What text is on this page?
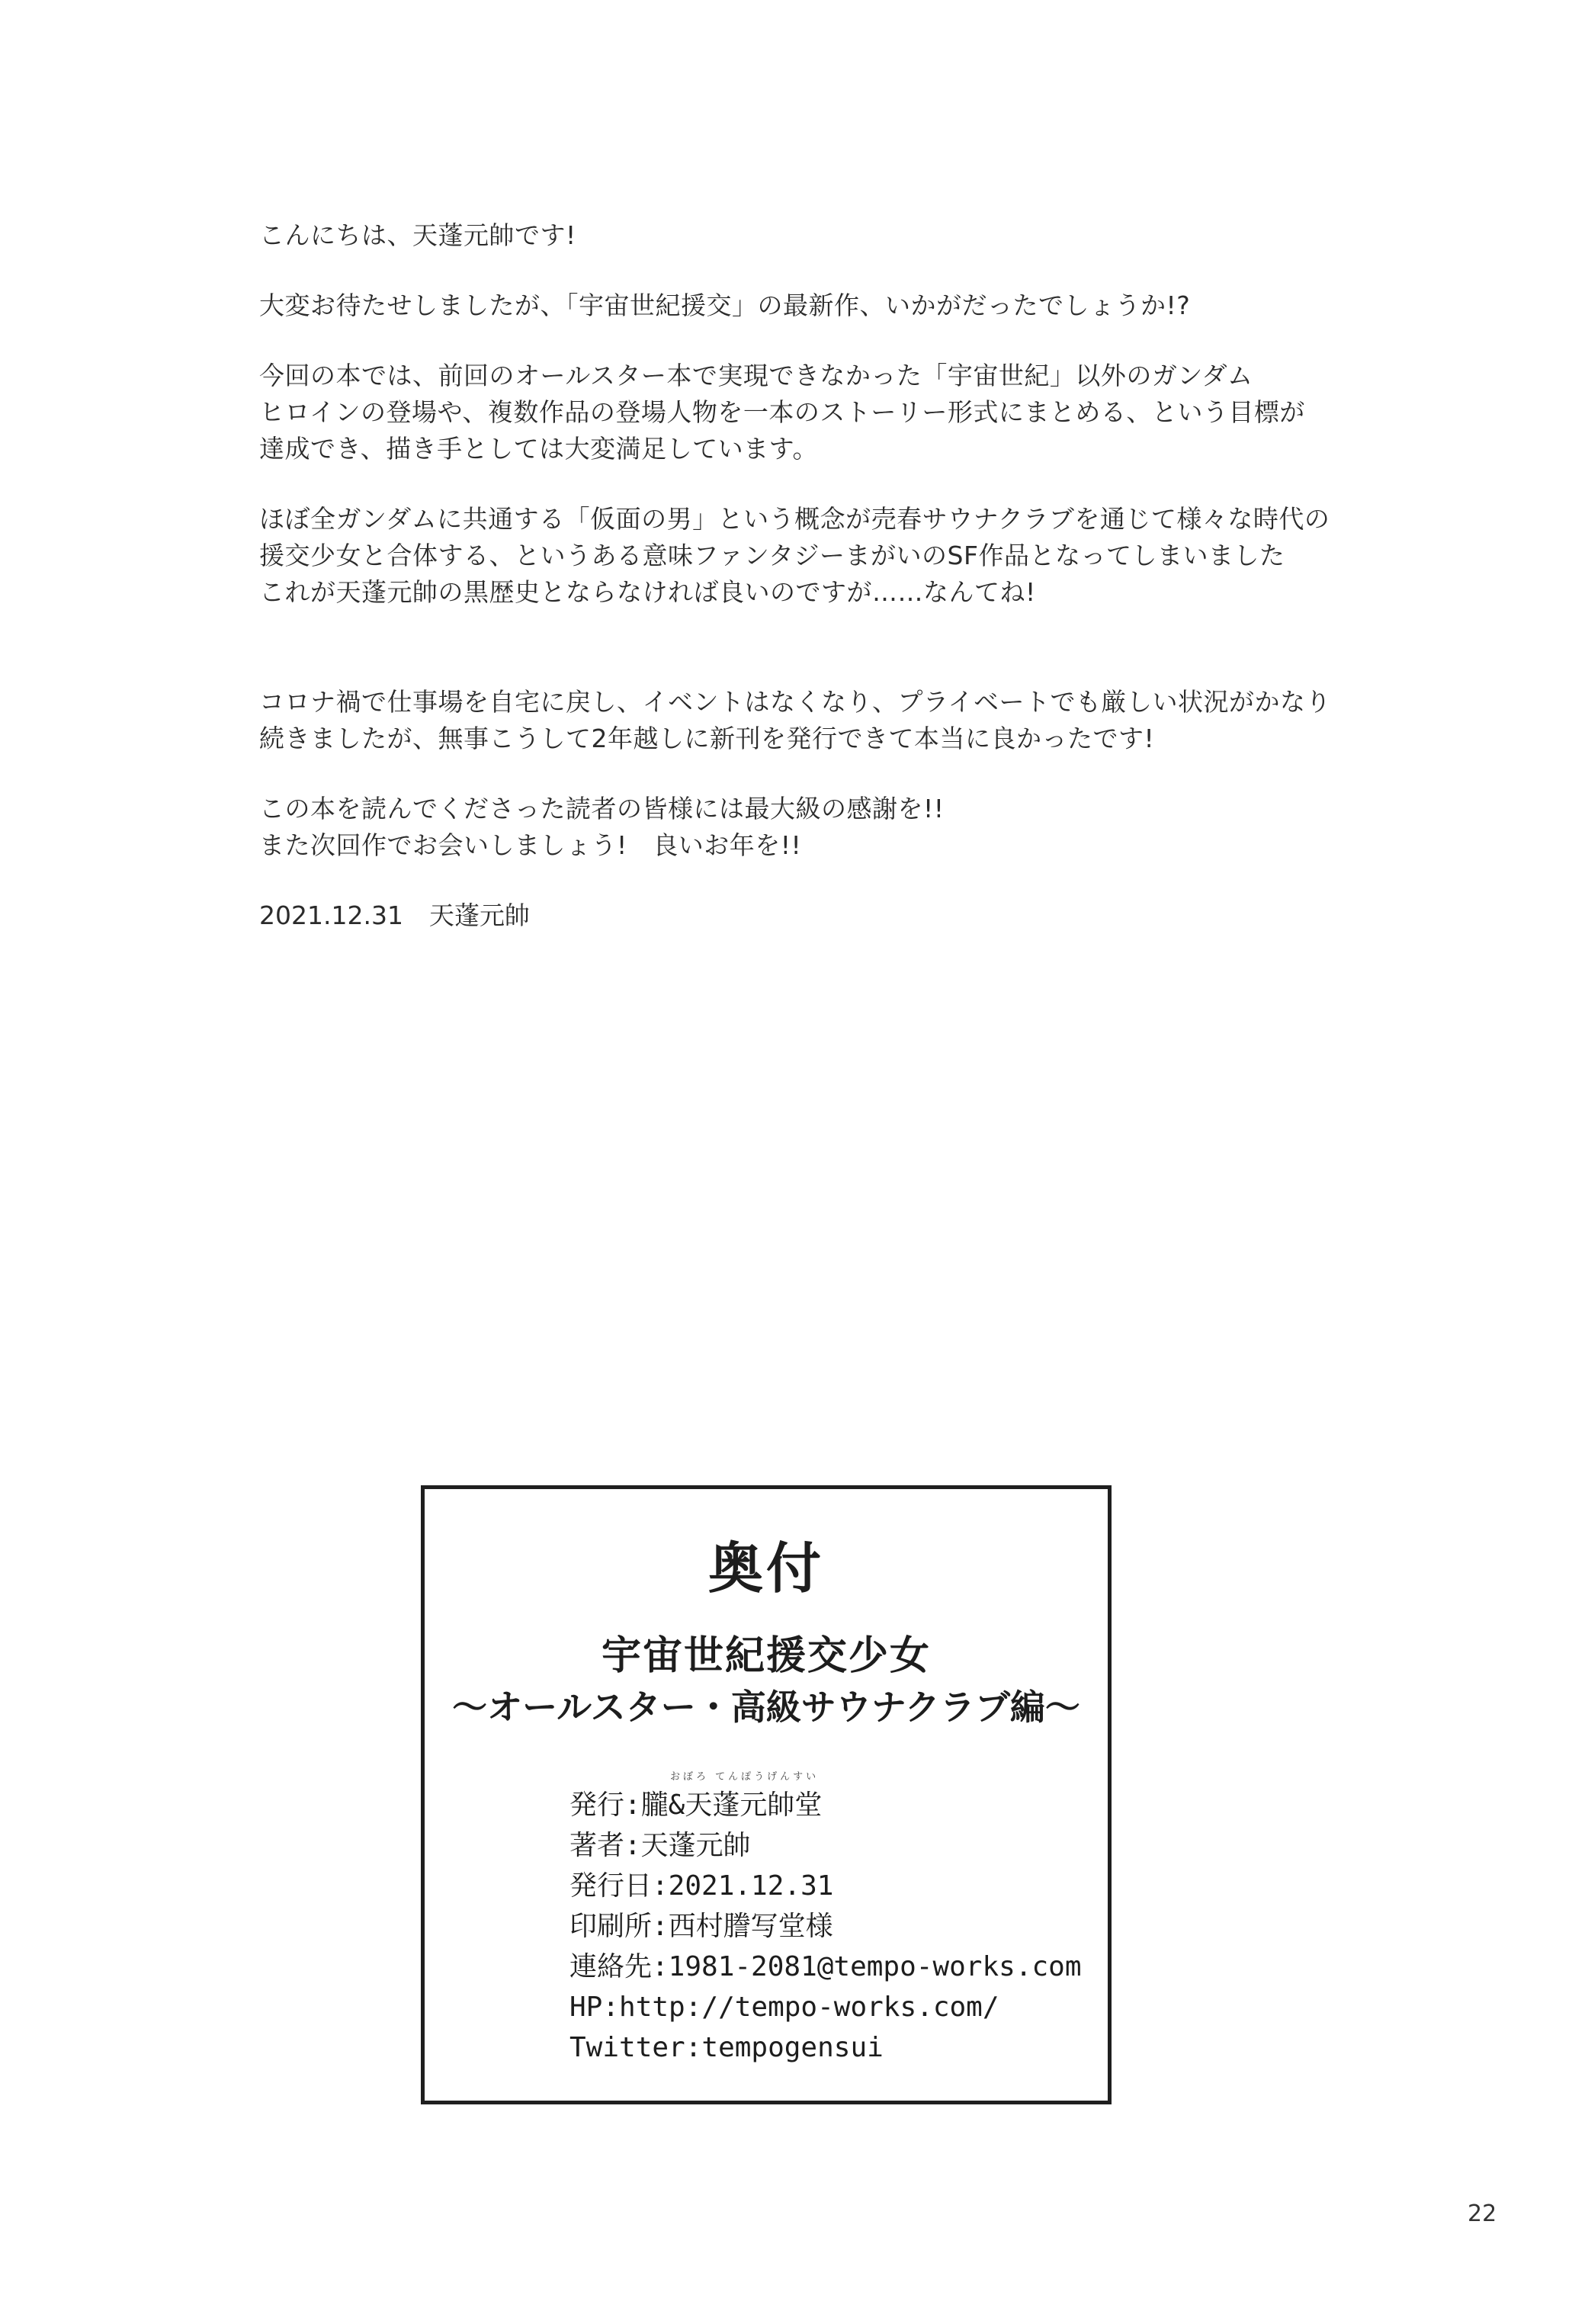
こんにちは、天蓬元帥です!
大変お待たせしましたが、「宇宙世紀援交」の最新作、いかがだったでしょうか!?
今回の本では、前回のオールスター本で実現できなかった「宇宙世紀」以外のガンダム
ヒロインの登場や、複数作品の登場人物を一本のストーリー形式にまとめる、という目標が
達成でき、描き手としては大変満足しています。
ほぼ全ガンダムに共通する「仮面の男」という概念が売春サウナクラブを通じて様々な時代の
援交少女と合体する、というある意味ファンタジーまがいのSF作品となってしまいました
これが天蓬元帥の黒歴史とならなければ良いのですが……なんてね!
コロナ禍で仕事場を自宅に戻し、イベントはなくなり、プライベートでも厳しい状況がかなり
続きましたが、無事こうして2年越しに新刊を発行できて本当に良かったです!
この本を読んでくださった読者の皆様には最大級の感謝を!!
また次回作でお会いしましょう!　良いお年を!!
2021.12.31 天蓬元帥
奥付
宇宙世紀援交少女
〜オールスター・高級サウナクラブ編〜
おぼろ てんぽうげんすい
発行:朧&天蓬元帥堂
著者:天蓬元帥
発行日:2021.12.31
印刷所:西村謄写堂様
連絡先:1981-2081@tempo-works.com
HP:http://tempo-works.com/
Twitter:tempogensui
22
